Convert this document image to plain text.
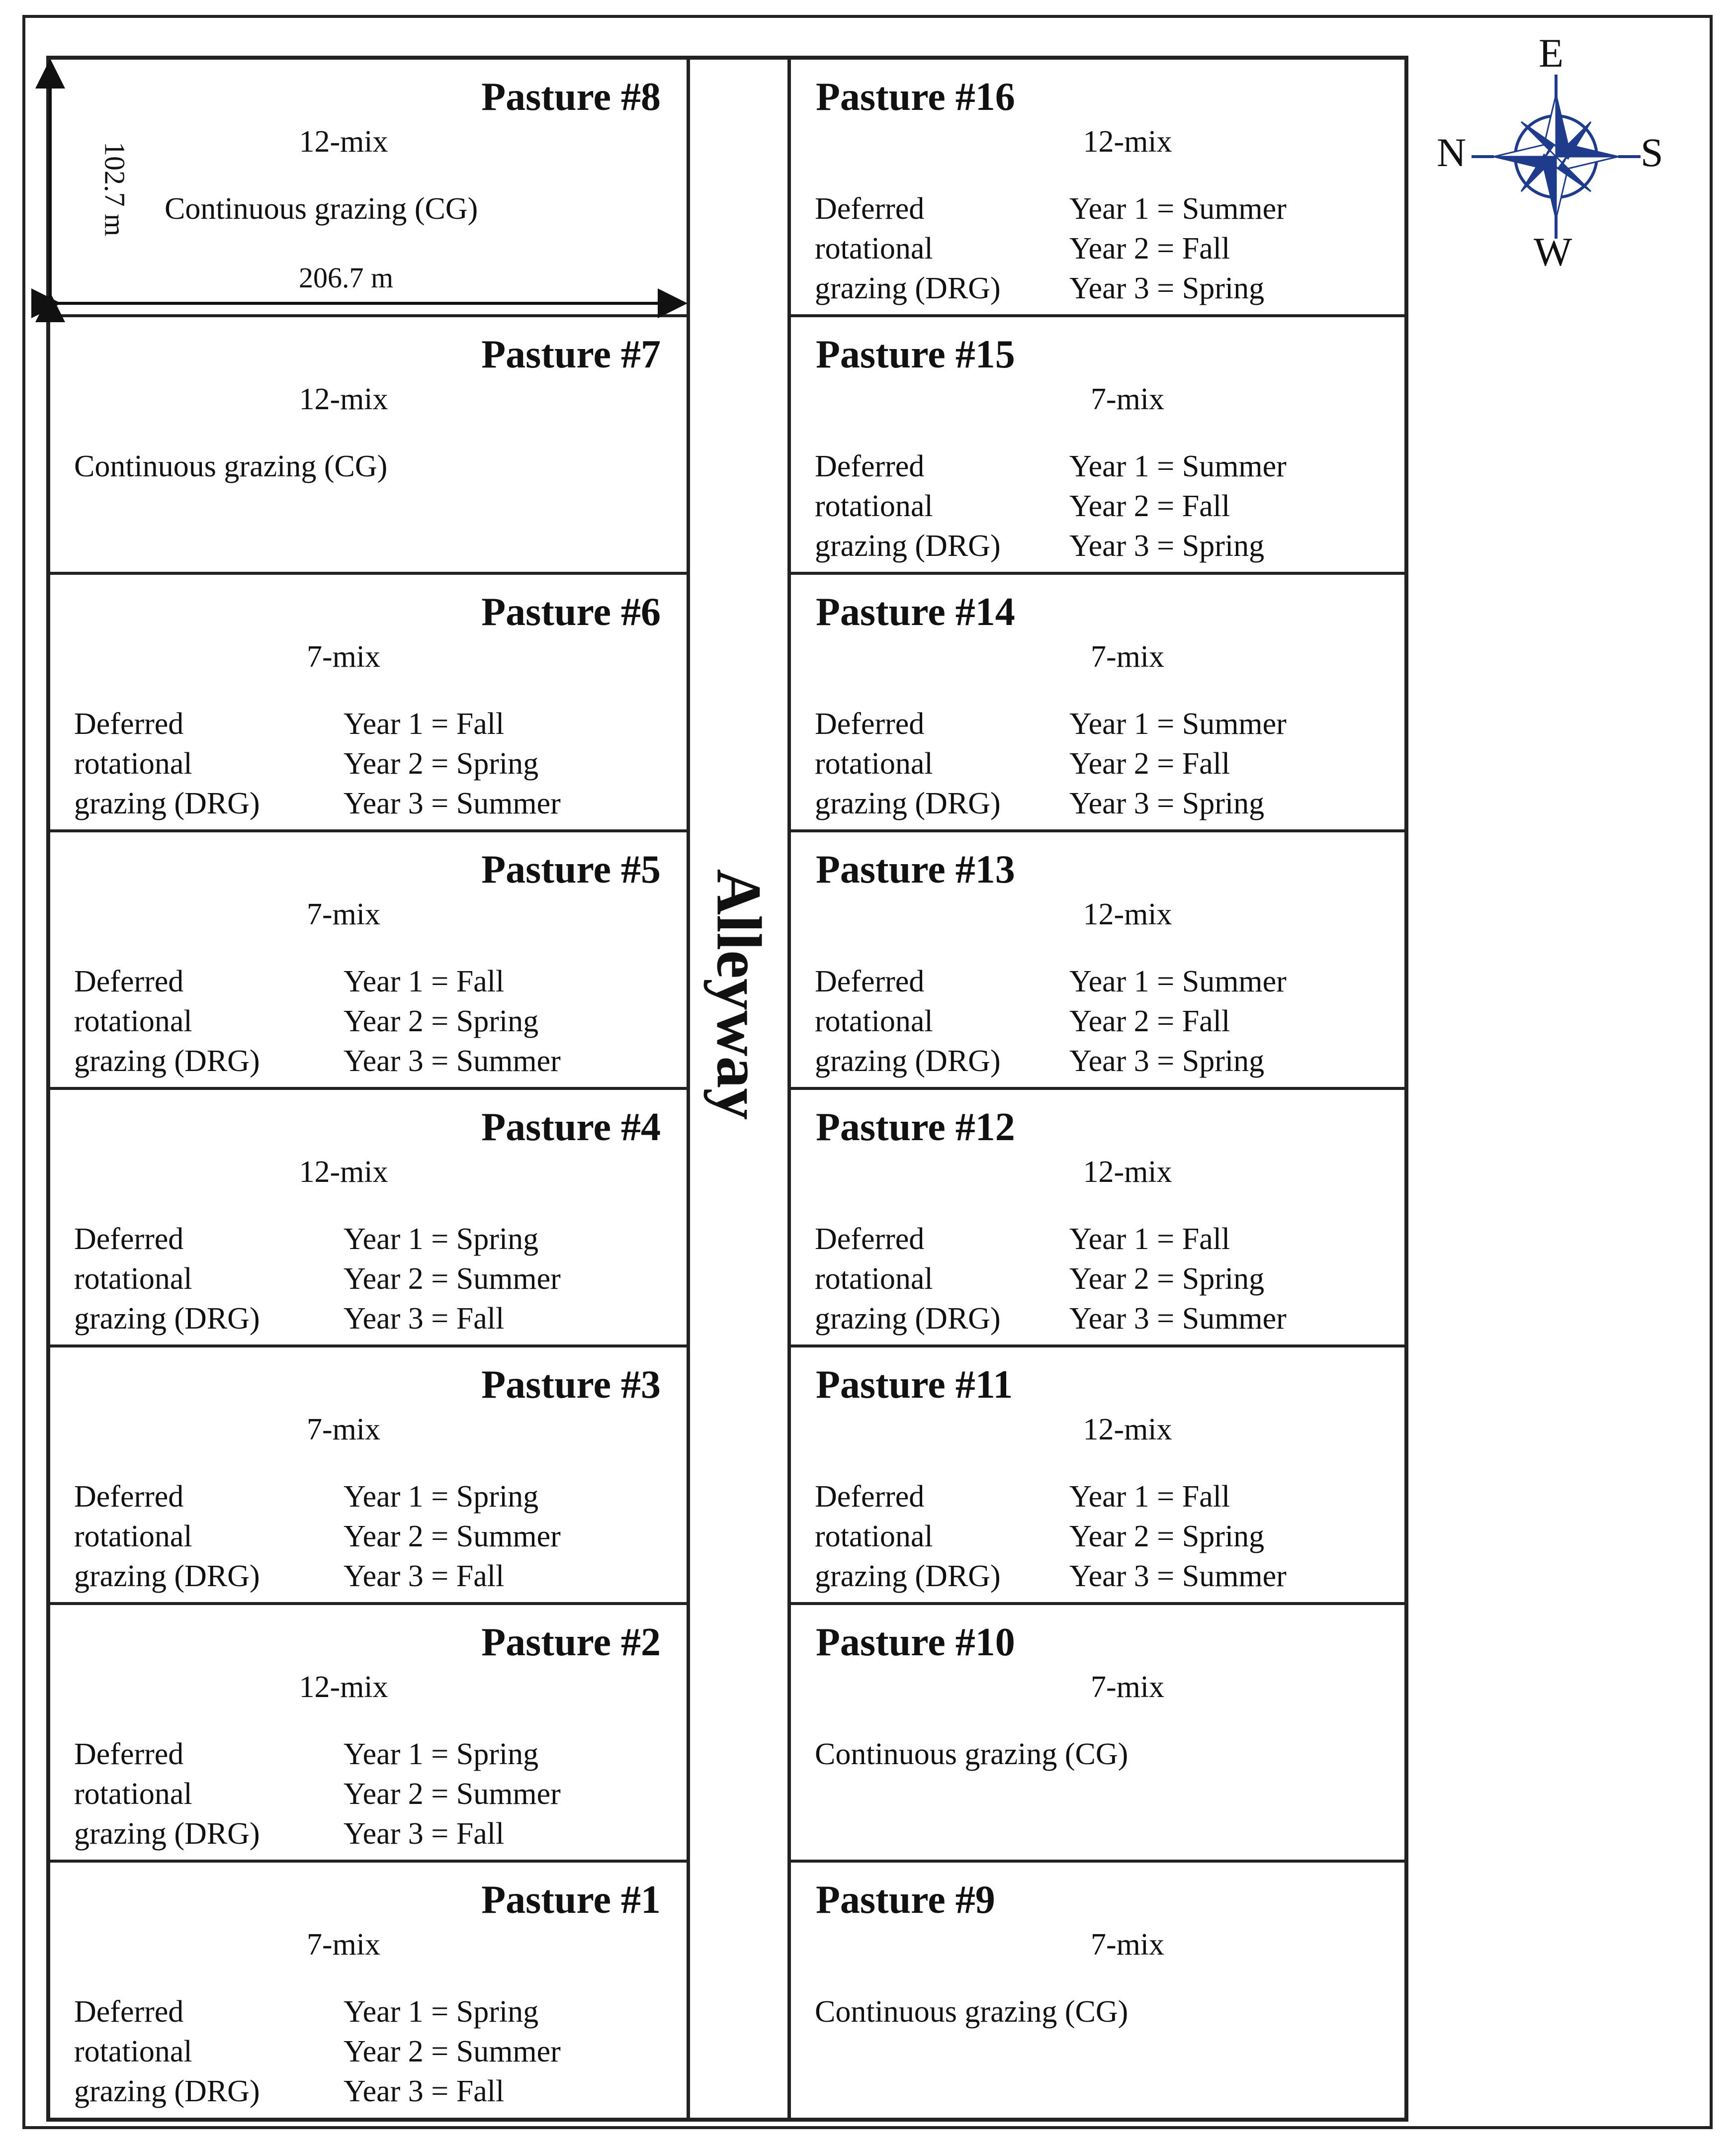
Pasture #8
12-mix
Continuous grazing (CG)
Pasture #7
12-mix
Continuous grazing (CG)
Pasture #6
7-mix
Deferred
rotational
grazing (DRG)
Year 1 = Fall
Year 2 = Spring
Year 3 = Summer
Pasture #5
7-mix
Deferred
rotational
grazing (DRG)
Year 1 = Fall
Year 2 = Spring
Year 3 = Summer
Pasture #4
12-mix
Deferred
rotational
grazing (DRG)
Year 1 = Spring
Year 2 = Summer
Year 3 = Fall
Pasture #3
7-mix
Deferred
rotational
grazing (DRG)
Year 1 = Spring
Year 2 = Summer
Year 3 = Fall
Pasture #2
12-mix
Deferred
rotational
grazing (DRG)
Year 1 = Spring
Year 2 = Summer
Year 3 = Fall
Pasture #1
7-mix
Deferred
rotational
grazing (DRG)
Year 1 = Spring
Year 2 = Summer
Year 3 = Fall
Alleyway
Pasture #16
12-mix
Deferred
rotational
grazing (DRG)
Year 1 = Summer
Year 2 = Fall
Year 3 = Spring
Pasture #15
7-mix
Deferred
rotational
grazing (DRG)
Year 1 = Summer
Year 2 = Fall
Year 3 = Spring
Pasture #14
7-mix
Deferred
rotational
grazing (DRG)
Year 1 = Summer
Year 2 = Fall
Year 3 = Spring
Pasture #13
12-mix
Deferred
rotational
grazing (DRG)
Year 1 = Summer
Year 2 = Fall
Year 3 = Spring
Pasture #12
12-mix
Deferred
rotational
grazing (DRG)
Year 1 = Fall
Year 2 = Spring
Year 3 = Summer
Pasture #11
12-mix
Deferred
rotational
grazing (DRG)
Year 1 = Fall
Year 2 = Spring
Year 3 = Summer
Pasture #10
7-mix
Continuous grazing (CG)
Pasture #9
7-mix
Continuous grazing (CG)
102.7 m
206.7 m
E
N	S
W
